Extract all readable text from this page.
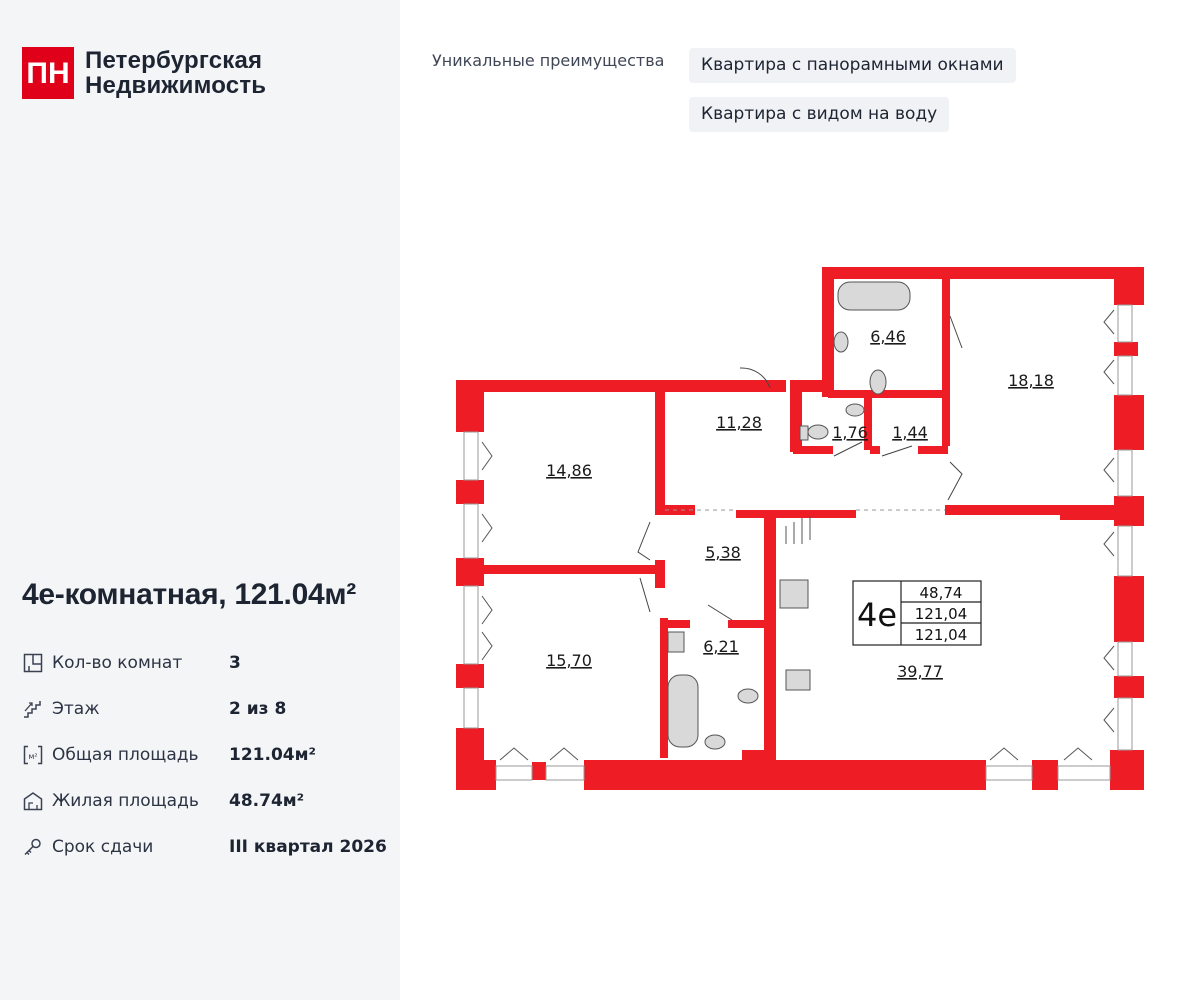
ПН Петербургская
Недвижимость
4е-комнатная, 121.04м²
Кол-во комнат	3
Этаж	2 из 8
м² Общая площадь	121.04м²
Жилая площадь	48.74м²
Срок сдачи	III квартал 2026
Уникальные преимущества	Квартира с панорамными окнами
Квартира с видом на воду
14,86
15,70
11,28
5,38
6,21
1,76 1,44
6,46
18,18
39,77
4е
48,74
121,04
121,04
